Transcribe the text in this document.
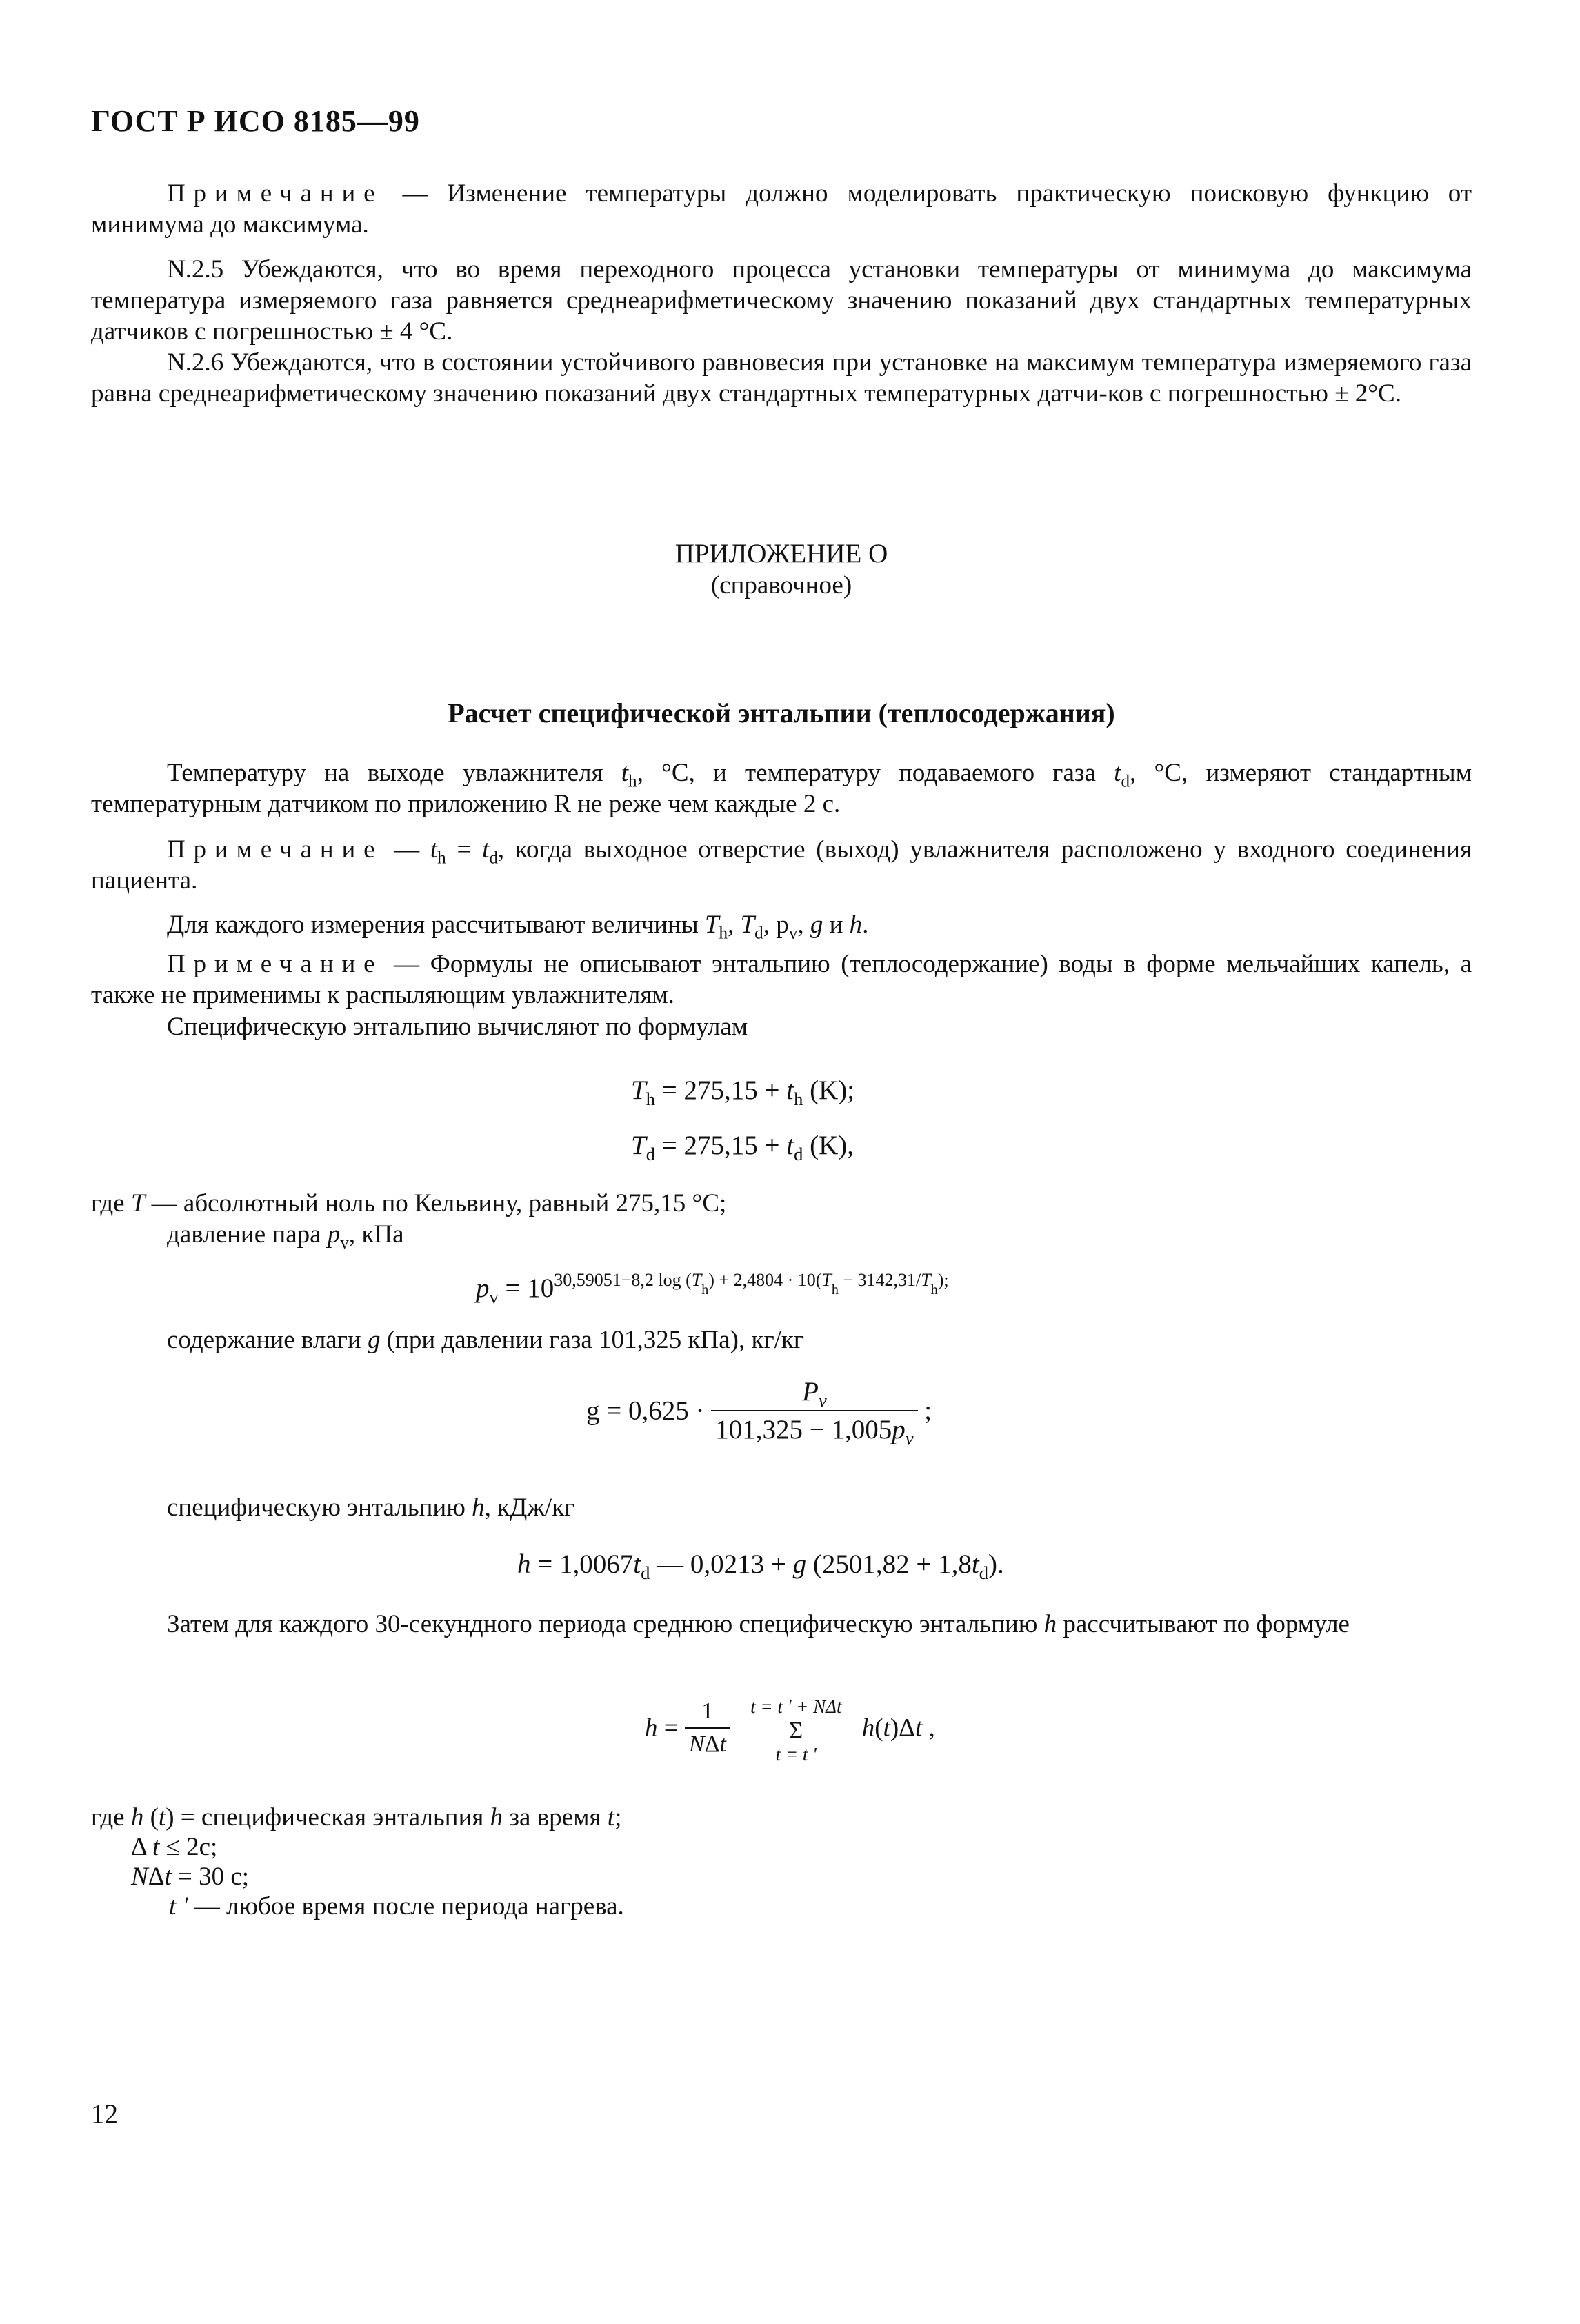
ГОСТ Р ИСО 8185—99
Примечание — Изменение температуры должно моделировать практическую поисковую функцию от минимума до максимума.
N.2.5 Убеждаются, что во время переходного процесса установки температуры от минимума до максимума температура измеряемого газа равняется среднеарифметическому значению показаний двух стандартных температурных датчиков с погрешностью ± 4 °С.
N.2.6 Убеждаются, что в состоянии устойчивого равновесия при установке на максимум температура измеряемого газа равна среднеарифметическому значению показаний двух стандартных температурных датчи-ков с погрешностью ± 2°С.
ПРИЛОЖЕНИЕ О
(справочное)
Расчет специфической энтальпии (теплосодержания)
Температуру на выходе увлажнителя $t_h$, °С, и температуру подаваемого газа $t_d$, °С, измеряют стандартным температурным датчиком по приложению R не реже чем каждые 2 с.
Примечание — $t_h = t_d$, когда выходное отверстие (выход) увлажнителя расположено у входного соединения пациента.
Для каждого измерения рассчитывают величины $T_h$, $T_d$, $p_v$, g и h.
Примечание — Формулы не описывают энтальпию (теплосодержание) воды в форме мельчайших капель, а также не применимы к распыляющим увлажнителям.
Специфическую энтальпию вычисляют по формулам
$T_h = 275,15 + t_h$ (K);
$T_d = 275,15 + t_d$ (K),
где T — абсолютный ноль по Кельвину, равный 275,15 °С;
давление пара $p_v$, кПа
$p_v = 10^{30,59051-8,2 log (T_h) + 2,4804 \cdot 10(T_h - 3142,31/T_h);}$
содержание влаги g (при давлении газа 101,325 кПа), кг/кг
$g = 0,625 \cdot \frac{P_v}{101,325 - 1,005p_v}$ ;
специфическую энтальпию h, кДж/кг
$h = 1,0067t_d$ — 0,0213 + g $(2501,82 + 1,8t_d)$.
Затем для каждого 30-секундного периода среднюю специфическую энтальпию h рассчитывают по формуле
$h = \frac{1}{\text{NΔt}}$
t = t ' + NΔt
Σ
t = t '
h(t)Δt ,
где h (t) = специфическая энтальпия h за время t;
Δ t ≤ 2с;
NΔt = 30 с;
t ' — любое время после периода нагрева.
12
